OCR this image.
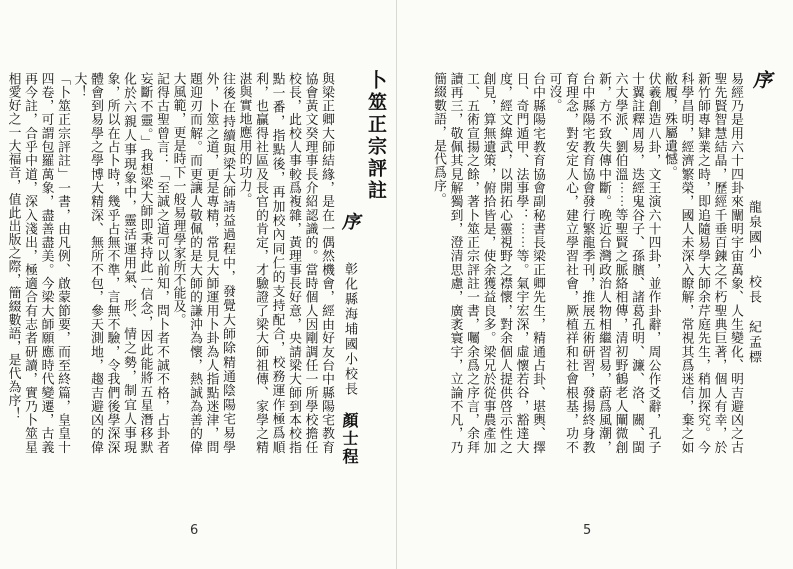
序
龍泉國小　校長　紀孟標
易經乃是用六十四卦來闡明宇宙萬象、人生變化、明吉避凶之古聖先賢智慧結晶，歷經千垂百鍊之不朽聖典巨著，個人有幸，於新竹師專肄業之時，即追隨易學大師余芹庭先生，稍加探究。今科學昌明，經濟繁榮，國人未深入瞭解，常視其爲迷信，棄之如敝履，殊屬遺憾。
伏羲創造八卦，文王演六十四卦，並作卦辭，周公作爻辭，孔子十翼註釋周易，迭經鬼谷子、孫臏、諸葛孔明、濂、洛、關、閩六大學派、劉伯溫⋯⋯等聖賢之脈絡相傳，清初野鶴老人闡微創新，方不致失傳中斷。晚近台灣政治人物相繼習易，蔚爲風潮，台中縣陽宅教育協會發行繁龍季刊，推展五術研習，發揚終身教育理念，對安定人心，建立學習社會，厥植祥和社會根基，功不可沒。
台中縣陽宅教育協會副秘書長梁正卿先生，精通占卦、堪輿、擇日、奇門遁甲、法事學：⋯⋯等。氣宇宏深，虛懷若谷，豁達大度，經文緯武，以開拓心靈視野之襟懷，對余個人提供啓示性之創見，算無遺策，俯拾皆是，使余獲益良多。梁兄於從事農產加工、五術宣揚之餘，著卜筮正宗評註一書，囑余爲之序言，余拜讀再三，敬佩其見解獨到，澄清思慮，廣袤寰宇，立論不凡，乃簡綴數語，是代爲序。
5
卜筮正宗評註
序　　彰化縣海埔國小校長　顏士程
與梁正卿大師結緣，是在一偶然機會，經由好友台中縣陽宅教育協會黃文癸理事長介紹認識的。當時個人因剛調任一所學校擔任校長，此校人事較爲複雜，黃理事長好意，央請梁大師到本校指點一番，指點後，再加校內同仁的支持配合，校務運作極爲順利，也贏得社區及長官的肯定，才驗證了梁大師祖傳、家學之精湛與實地應用的功力。
往後在持續與梁大師請益過程中，發覺大師除精通陰陽宅易學外，卜筮之道，更是專精，常見大師運用卜卦為人指點迷津，問題迎刃而解。而更讓人敬佩的是大師的謙沖為懷，熱誠為善的偉大風範，更是時下一般易理學家所不能及。
記得古聖曾言：「至誠之道可以前知，問卜者不誠不格，占卦者妄斷不靈。」我想梁大師即秉持此一信念，因此能將五星潛移默化於六親人事現象中，靈活運用氣、形、情之勢，制宜人事現象，所以在占卜時，幾乎占無不準，言無不驗，令我們後學深深體會到易學之學博大精深、無所不包，參天測地，趨吉避凶的偉大！
「卜筮正宗評註」一書，由凡例、啟蒙節要，而至終篇，皇皇十四卷，可謂包羅萬象，盡善盡美。今梁大師願應時代變遷，古義再今註，合乎中道，深入淺出，極適合有志者研讀，實乃卜筮星相愛好之一大福音，值此出版之際，簡綴數語，是代為序！
6
